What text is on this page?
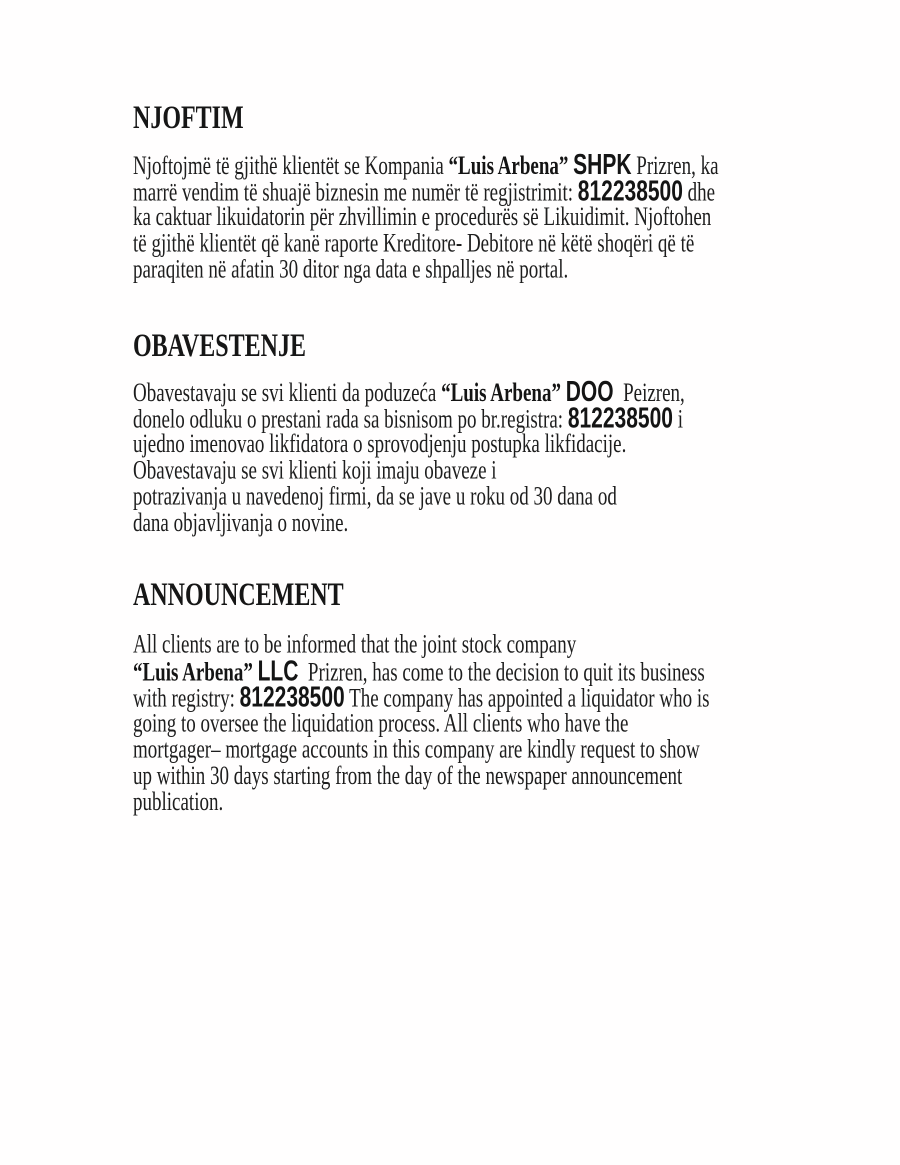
NJOFTIM
Njoftojmë të gjithë klientët se Kompania “Luis Arbena” SHPK Prizren, ka
marrë vendim të shuajë biznesin me numër të regjistrimit: 812238500 dhe
ka caktuar likuidatorin për zhvillimin e procedurës së Likuidimit. Njoftohen
të gjithë klientët që kanë raporte Kreditore- Debitore në këtë shoqëri që të
paraqiten në afatin 30 ditor nga data e shpalljes në portal.
OBAVESTENJE
Obavestavaju se svi klienti da poduzeća “Luis Arbena” DOO  Peizren,
donelo odluku o prestani rada sa bisnisom po br.registra: 812238500 i
ujedno imenovao likfidatora o sprovodjenju postupka likfidacije.
Obavestavaju se svi klienti koji imaju obaveze i
potrazivanja u navedenoj firmi, da se jave u roku od 30 dana od
dana objavljivanja o novine.
ANNOUNCEMENT
All clients are to be informed that the joint stock company
“Luis Arbena” LLC  Prizren, has come to the decision to quit its business
with registry: 812238500 The company has appointed a liquidator who is
going to oversee the liquidation process. All clients who have the
mortgager– mortgage accounts in this company are kindly request to show
up within 30 days starting from the day of the newspaper announcement
publication.
